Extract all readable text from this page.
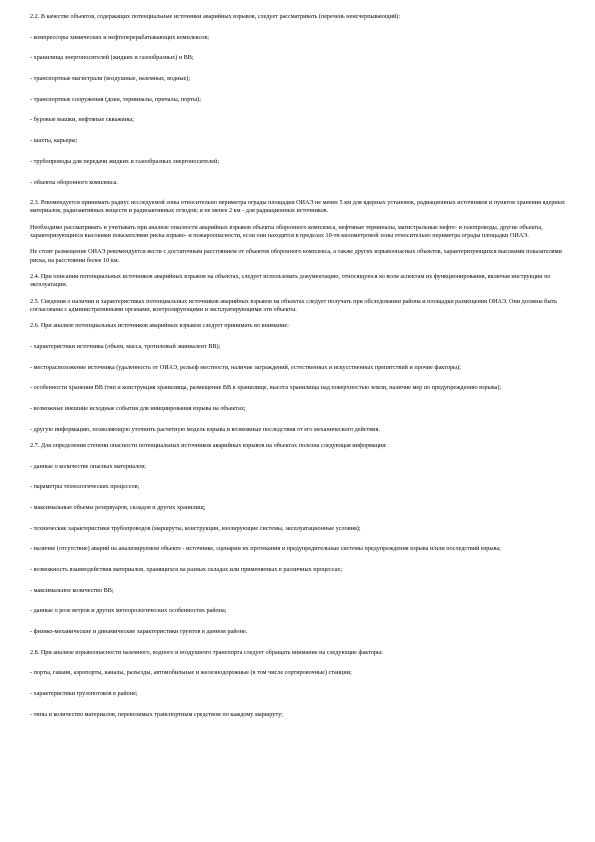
2.2. В качестве объектов, содержащих потенциальные источники аварийных взрывов, следует рассматривать (перечень неисчерпывающий):

- компрессоры химических и нефтеперерабатывающих комплексов;

- хранилища энергоносителей (жидких и газообразных) и ВВ;

- транспортные магистрали (воздушные, наземные, водные);

- транспортные сооружения (доки, терминалы, причалы, порты);

- буровые вышки, нефтяные скважины;

- шахты, карьеры;

- трубопроводы для передачи жидких и газообразных энергоносителей;

- объекты оборонного комплекса.

2.3. Рекомендуется принимать радиус исследуемой зоны относительно периметра ограды площадки ОИАЭ не менее 5 км для ядерных установок, радиационных источников и пунктов хранения ядерных материалов, радиоактивных веществ и радиоактивных отходов; и не менее 2 км - для радиационных источников.

Необходимо рассматривать и учитывать при анализе опасности аварийных взрывов объекты оборонного комплекса, нефтяные терминалы, магистральные нефте- и газопроводы, другие объекты, характеризующиеся высокими показателями риска взрыво- и пожароопасности, если они находятся в пределах 10-ти километровой зоны относительно периметра ограды площадки ОИАЭ.

Не стоит размещение ОИАЭ рекомендуется вести с достаточным расстоянием от объектов оборонного комплекса, а также других взрывоопасных объектов, характеризующихся высокими показателями риска, на расстоянии более 10 км.

2.4. При описании потенциальных источников аварийных взрывов на объектах, следует использовать документацию, относящуюся ко всем аспектам их функционирования, включая инструкции по эксплуатации.

2.5. Сведения о наличии и характеристиках потенциальных источников аварийных взрывов на объектах следует получать при обследовании района и площадки размещения ОИАЭ. Они должны быть согласованы с административными органами, контролирующими и эксплуатирующими эти объекты.

2.6. При анализе потенциальных источников аварийных взрывов следует принимать во внимание:

- характеристики источника (объем, масса, тротиловый эквивалент ВВ);

- месторасположение источника (удаленность от ОИАЭ, рельеф местности, наличие заграждений, естественных и искусственных препятствий и прочие факторы);

- особенности хранения ВВ (тип и конструкция хранилища, размещение ВВ в хранилище, высота хранилища над поверхностью земли, наличие мер по предупреждению взрыва);

- возможные внешние исходные события для инициирования взрыва на объектах;

- другую информацию, позволяющую уточнить расчетную модель взрыва и возможные последствия от его механического действия.

2.7. Для определения степени опасности потенциальных источников аварийных взрывов на объектах полезна следующая информация:

- данные о количестве опасных материалов;

- параметры технологических процессов;

- максимальные объемы резервуаров, складов и других хранилищ;

- технические характеристики трубопроводов (маршруты, конструкции, изолирующие системы, эксплуатационные условия);

- наличие (отсутствие) аварий на анализируемом объекте - источнике, сценарии их протекания и предупредительные системы предупреждения взрыва и/или последствий взрыва;

- возможность взаимодействия материалов, хранящихся на разных складах или применяемых в различных процессах;

- максимальное количество ВВ;

- данные о розе ветров и других метеорологических особенностях района;

- физико-механические и динамические характеристики грунтов в данном районе.

2.8. При анализе взрывоопасности наземного, водного и воздушного транспорта следует обращать внимание на следующие факторы:

- порты, гавани, аэропорты, каналы, разъезды, автомобильные и железнодорожные (в том числе сортировочные) станции;

- характеристики грузопотоков в районе;

- типы и количество материалов, перевозимых транспортным средством по каждому маршруту;
